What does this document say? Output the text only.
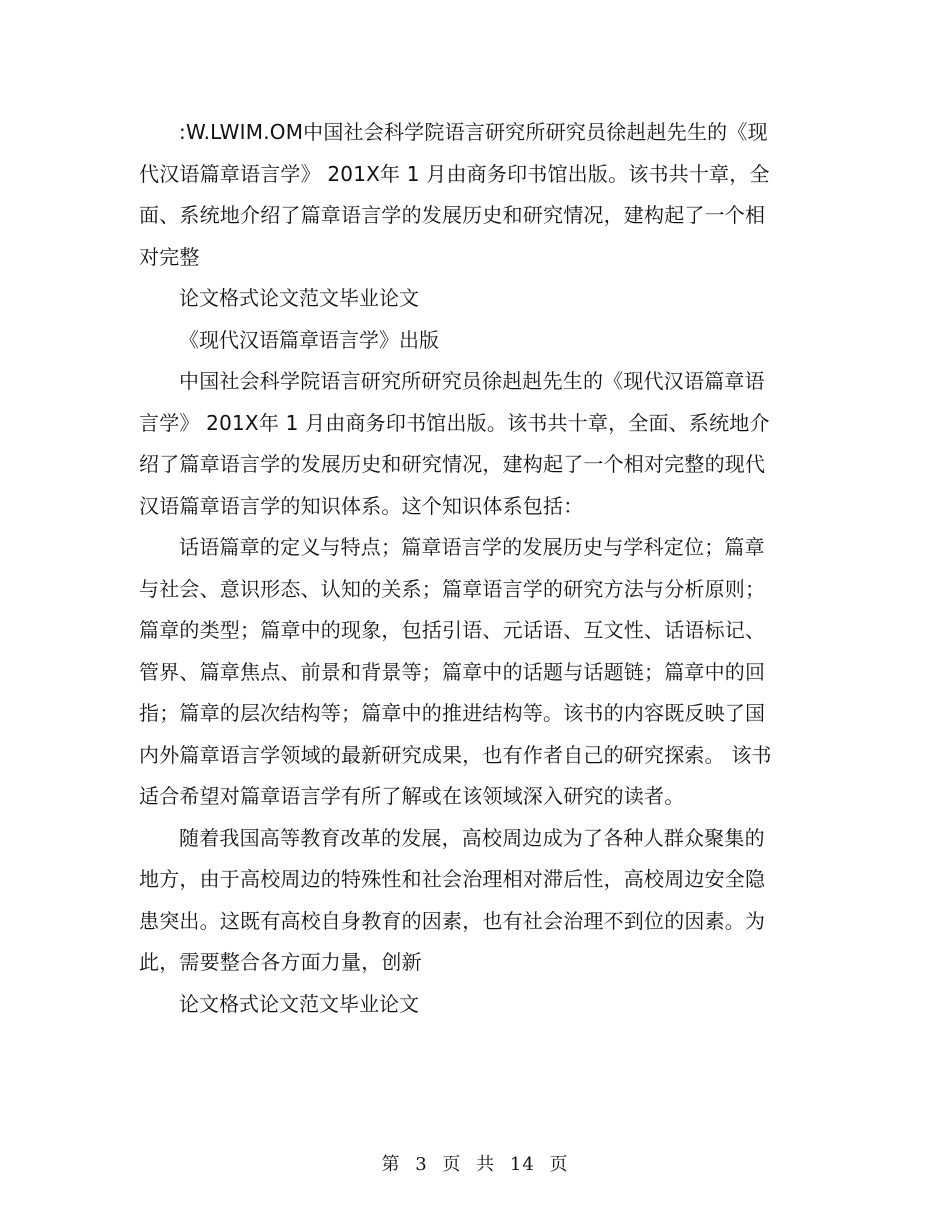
:W.LWIM.OM中国社会科学院语言研究所研究员徐赳赳先生的《现代汉语篇章语言学》 201X年 1 月由商务印书馆出版。该书共十章，全面、系统地介绍了篇章语言学的发展历史和研究情况，建构起了一个相对完整

论文格式论文范文毕业论文

《现代汉语篇章语言学》出版

中国社会科学院语言研究所研究员徐赳赳先生的《现代汉语篇章语言学》 201X年 1 月由商务印书馆出版。该书共十章，全面、系统地介绍了篇章语言学的发展历史和研究情况，建构起了一个相对完整的现代汉语篇章语言学的知识体系。这个知识体系包括：

话语篇章的定义与特点；篇章语言学的发展历史与学科定位；篇章与社会、意识形态、认知的关系；篇章语言学的研究方法与分析原则；篇章的类型；篇章中的现象，包括引语、元话语、互文性、话语标记、管界、篇章焦点、前景和背景等；篇章中的话题与话题链；篇章中的回指；篇章的层次结构等；篇章中的推进结构等。该书的内容既反映了国内外篇章语言学领域的最新研究成果，也有作者自己的研究探索。 该书适合希望对篇章语言学有所了解或在该领域深入研究的读者。

随着我国高等教育改革的发展，高校周边成为了各种人群众聚集的地方，由于高校周边的特殊性和社会治理相对滞后性，高校周边安全隐患突出。这既有高校自身教育的因素，也有社会治理不到位的因素。为此，需要整合各方面力量，创新

论文格式论文范文毕业论文

第 3 页 共 14 页
